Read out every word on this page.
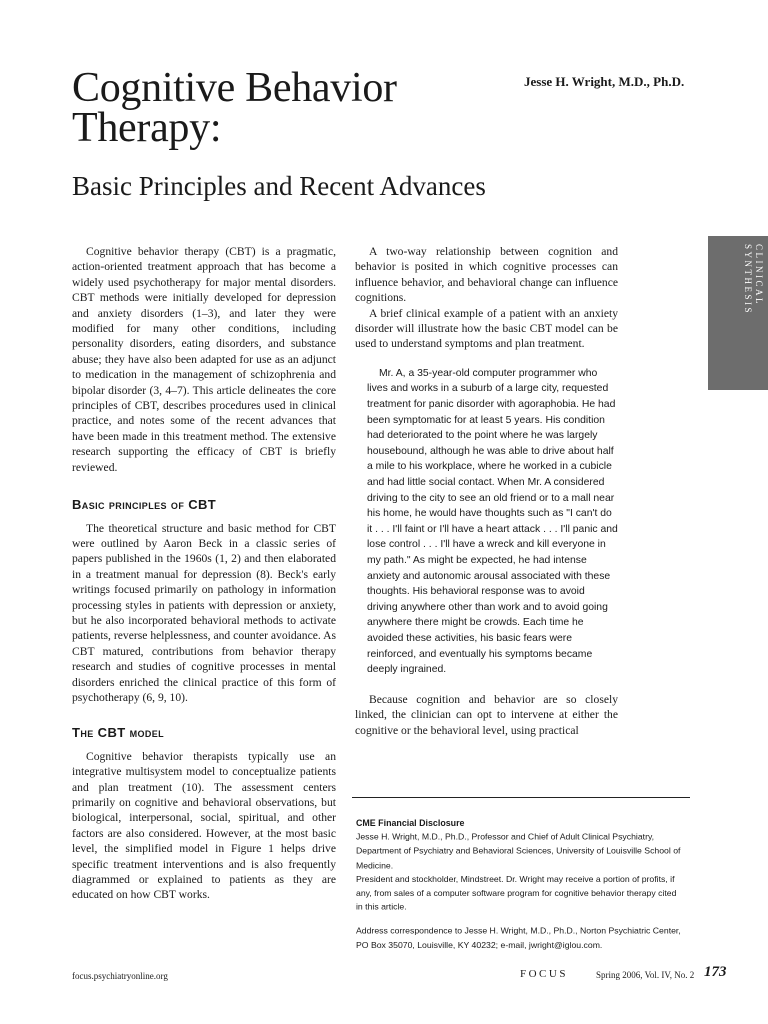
Cognitive Behavior
Therapy:
Basic Principles and Recent Advances
Jesse H. Wright, M.D., Ph.D.
CLINICAL
SYNTHESIS

Cognitive behavior therapy (CBT) is a pragmatic, action-oriented treatment approach that has become a widely used psychotherapy for major mental disorders. CBT methods were initially developed for depression and anxiety disorders (1–3), and later they were modified for many other conditions, including personality disorders, eating disorders, and substance abuse; they have also been adapted for use as an adjunct to medication in the management of schizophrenia and bipolar disorder (3, 4–7). This article delineates the core principles of CBT, describes procedures used in clinical practice, and notes some of the recent advances that have been made in this treatment method. The extensive research supporting the efficacy of CBT is briefly reviewed.

Basic principles of CBT

The theoretical structure and basic method for CBT were outlined by Aaron Beck in a classic series of papers published in the 1960s (1, 2) and then elaborated in a treatment manual for depression (8). Beck's early writings focused primarily on pathology in information processing styles in patients with depression or anxiety, but he also incorporated behavioral methods to activate patients, reverse helplessness, and counter avoidance. As CBT matured, contributions from behavior therapy research and studies of cognitive processes in mental disorders enriched the clinical practice of this form of psychotherapy (6, 9, 10).

The CBT model

Cognitive behavior therapists typically use an integrative multisystem model to conceptualize patients and plan treatment (10). The assessment centers primarily on cognitive and behavioral observations, but biological, interpersonal, social, spiritual, and other factors are also considered. However, at the most basic level, the simplified model in Figure 1 helps drive specific treatment interventions and is also frequently diagrammed or explained to patients as they are educated on how CBT works.

A two-way relationship between cognition and behavior is posited in which cognitive processes can influence behavior, and behavioral change can influence cognitions.

A brief clinical example of a patient with an anxiety disorder will illustrate how the basic CBT model can be used to understand symptoms and plan treatment.

Mr. A, a 35-year-old computer programmer who lives and works in a suburb of a large city, requested treatment for panic disorder with agoraphobia. He had been symptomatic for at least 5 years. His condition had deteriorated to the point where he was largely housebound, although he was able to drive about half a mile to his workplace, where he worked in a cubicle and had little social contact. When Mr. A considered driving to the city to see an old friend or to a mall near his home, he would have thoughts such as "I can't do it . . . I'll faint or I'll have a heart attack . . . I'll panic and lose control . . . I'll have a wreck and kill everyone in my path." As might be expected, he had intense anxiety and autonomic arousal associated with these thoughts. His behavioral response was to avoid driving anywhere other than work and to avoid going anywhere there might be crowds. Each time he avoided these activities, his basic fears were reinforced, and eventually his symptoms became deeply ingrained.

Because cognition and behavior are so closely linked, the clinician can opt to intervene at either the cognitive or the behavioral level, using practical

CME Financial Disclosure

Jesse H. Wright, M.D., Ph.D., Professor and Chief of Adult Clinical Psychiatry, Department of Psychiatry and Behavioral Sciences, University of Louisville School of Medicine.

President and stockholder, Mindstreet. Dr. Wright may receive a portion of profits, if any, from sales of a computer software program for cognitive behavior therapy cited in this article.

Address correspondence to Jesse H. Wright, M.D., Ph.D., Norton Psychiatric Center, PO Box 35070, Louisville, KY 40232; e-mail, jwright@iglou.com.

focus.psychiatryonline.org	FOCUS	Spring 2006, Vol. IV, No. 2 173
